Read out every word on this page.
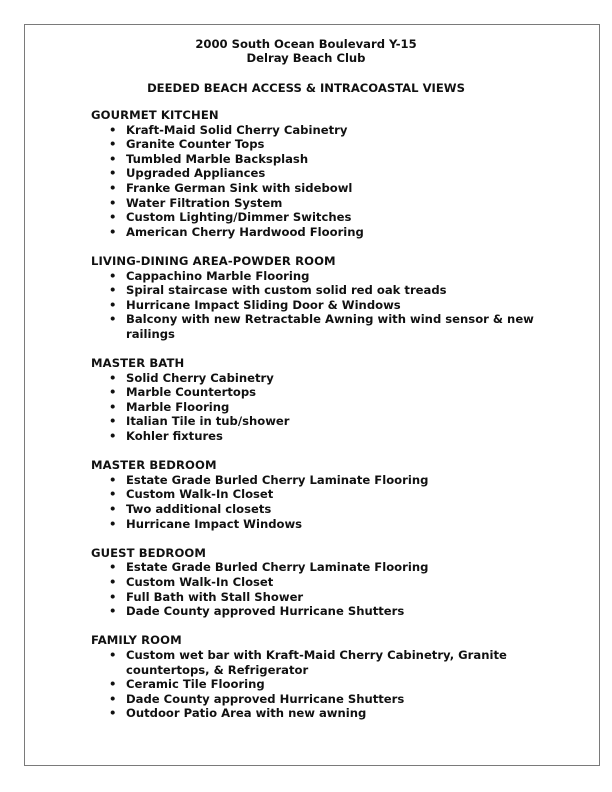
2000 South Ocean Boulevard Y-15
Delray Beach Club
DEEDED BEACH ACCESS & INTRACOASTAL VIEWS
GOURMET KITCHEN
• Kraft-Maid Solid Cherry Cabinetry
• Granite Counter Tops
• Tumbled Marble Backsplash
• Upgraded Appliances
• Franke German Sink with sidebowl
• Water Filtration System
• Custom Lighting/Dimmer Switches
• American Cherry Hardwood Flooring
LIVING-DINING AREA-POWDER ROOM
• Cappachino Marble Flooring
• Spiral staircase with custom solid red oak treads
• Hurricane Impact Sliding Door & Windows
• Balcony with new Retractable Awning with wind sensor & new railings
MASTER BATH
• Solid Cherry Cabinetry
• Marble Countertops
• Marble Flooring
• Italian Tile in tub/shower
• Kohler fixtures
MASTER BEDROOM
• Estate Grade Burled Cherry Laminate Flooring
• Custom Walk-In Closet
• Two additional closets
• Hurricane Impact Windows
GUEST BEDROOM
• Estate Grade Burled Cherry Laminate Flooring
• Custom Walk-In Closet
• Full Bath with Stall Shower
• Dade County approved Hurricane Shutters
FAMILY ROOM
• Custom wet bar with Kraft-Maid Cherry Cabinetry, Granite countertops, & Refrigerator
• Ceramic Tile Flooring
• Dade County approved Hurricane Shutters
• Outdoor Patio Area with new awning
